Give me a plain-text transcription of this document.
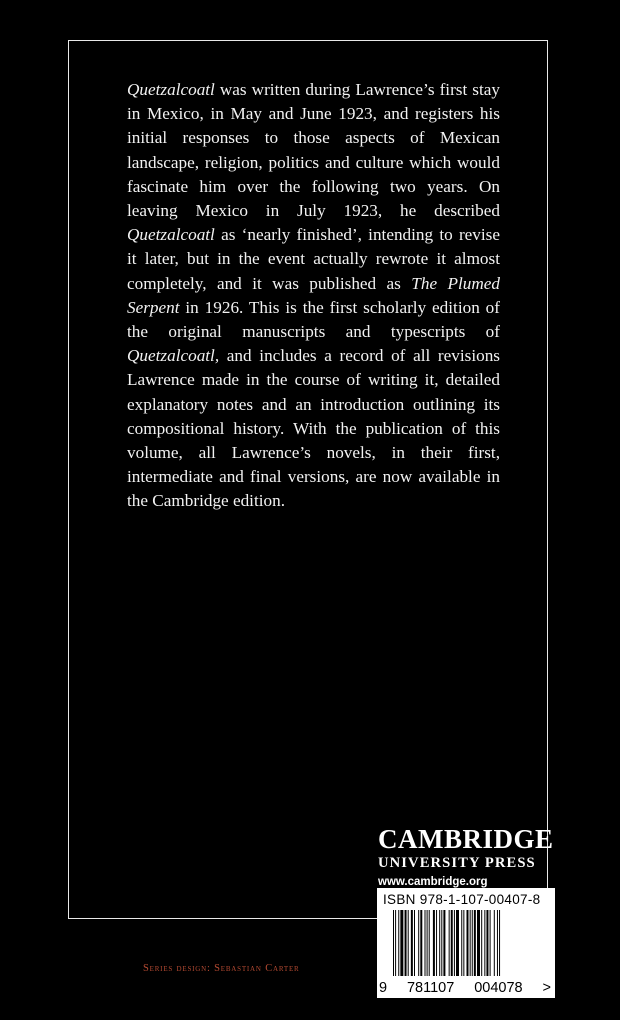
Quetzalcoatl was written during Lawrence’s first stay in Mexico, in May and June 1923, and registers his initial responses to those aspects of Mexican landscape, religion, politics and culture which would fascinate him over the following two years. On leaving Mexico in July 1923, he described Quetzalcoatl as ‘nearly finished’, intending to revise it later, but in the event actually rewrote it almost completely, and it was published as The Plumed Serpent in 1926. This is the first scholarly edition of the original manuscripts and typescripts of Quetzalcoatl, and includes a record of all revisions Lawrence made in the course of writing it, detailed explanatory notes and an introduction outlining its compositional history. With the publication of this volume, all Lawrence’s novels, in their first, intermediate and final versions, are now available in the Cambridge edition.

CAMBRIDGE

UNIVERSITY PRESS

www.cambridge.org

ISBN 978-1-107-00407-8
9 781107 004078 >

Series design: Sebastian Carter
